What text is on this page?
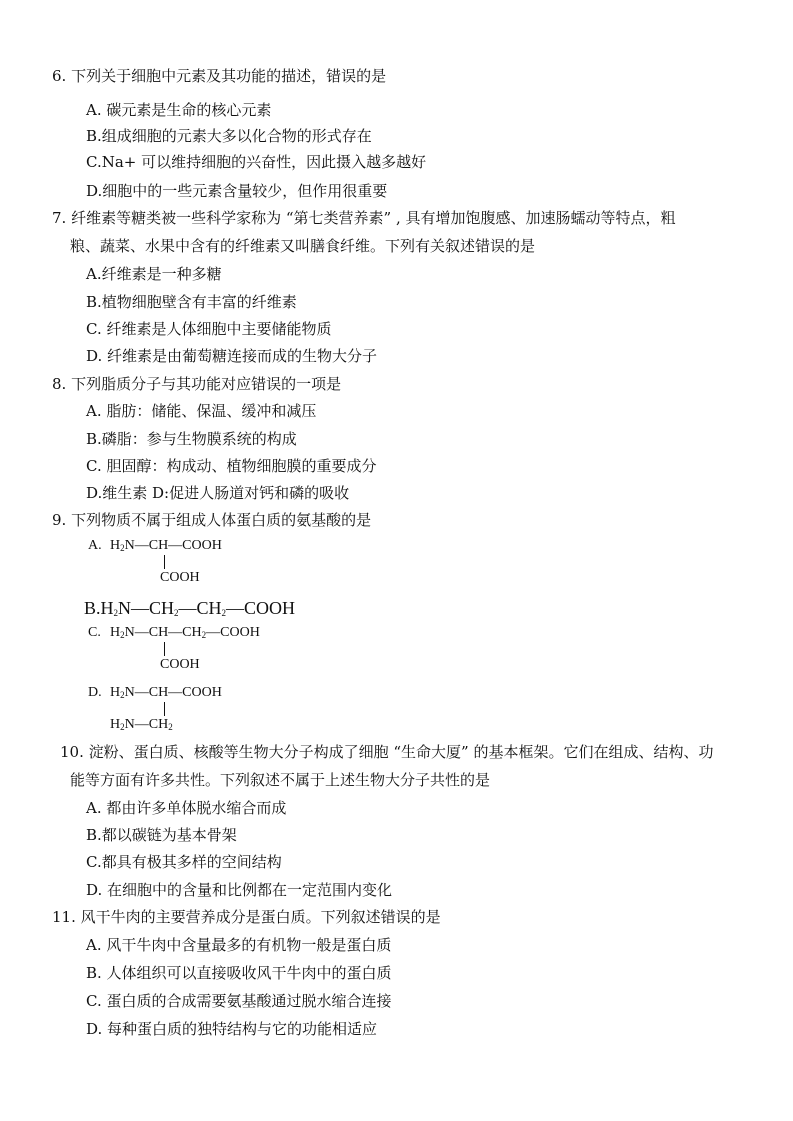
6. 下列关于细胞中元素及其功能的描述，错误的是
A. 碳元素是生命的核心元素
B.组成细胞的元素大多以化合物的形式存在
C.Na+ 可以维持细胞的兴奋性，因此摄入越多越好
D.细胞中的一些元素含量较少，但作用很重要
7. 纤维素等糖类被一些科学家称为 “第七类营养素” , 具有增加饱腹感、加速肠蠕动等特点，粗
粮、蔬菜、水果中含有的纤维素又叫膳食纤维。下列有关叙述错误的是
A.纤维素是一种多糖
B.植物细胞壁含有丰富的纤维素
C. 纤维素是人体细胞中主要储能物质
D. 纤维素是由葡萄糖连接而成的生物大分子
8. 下列脂质分子与其功能对应错误的一项是
A. 脂肪：储能、保温、缓冲和减压
B.磷脂：参与生物膜系统的构成
C. 胆固醇：构成动、植物细胞膜的重要成分
D.维生素 D:促进人肠道对钙和磷的吸收
9. 下列物质不属于组成人体蛋白质的氨基酸的是
A. $H_2N—CH—COOH$
COOH
$B.H_2N—CH_2—CH_2—COOH$
C. $H_2N—CH—CH_2—COOH$
COOH
D. $H_2N—CH—COOH$
$H_2N—CH_2$
10. 淀粉、蛋白质、核酸等生物大分子构成了细胞 “生命大厦” 的基本框架。它们在组成、结构、功
能等方面有许多共性。下列叙述不属于上述生物大分子共性的是
A. 都由许多单体脱水缩合而成
B.都以碳链为基本骨架
C.都具有极其多样的空间结构
D. 在细胞中的含量和比例都在一定范围内变化
11. 风干牛肉的主要营养成分是蛋白质。下列叙述错误的是
A. 风干牛肉中含量最多的有机物一般是蛋白质
B. 人体组织可以直接吸收风干牛肉中的蛋白质
C. 蛋白质的合成需要氨基酸通过脱水缩合连接
D. 每种蛋白质的独特结构与它的功能相适应
